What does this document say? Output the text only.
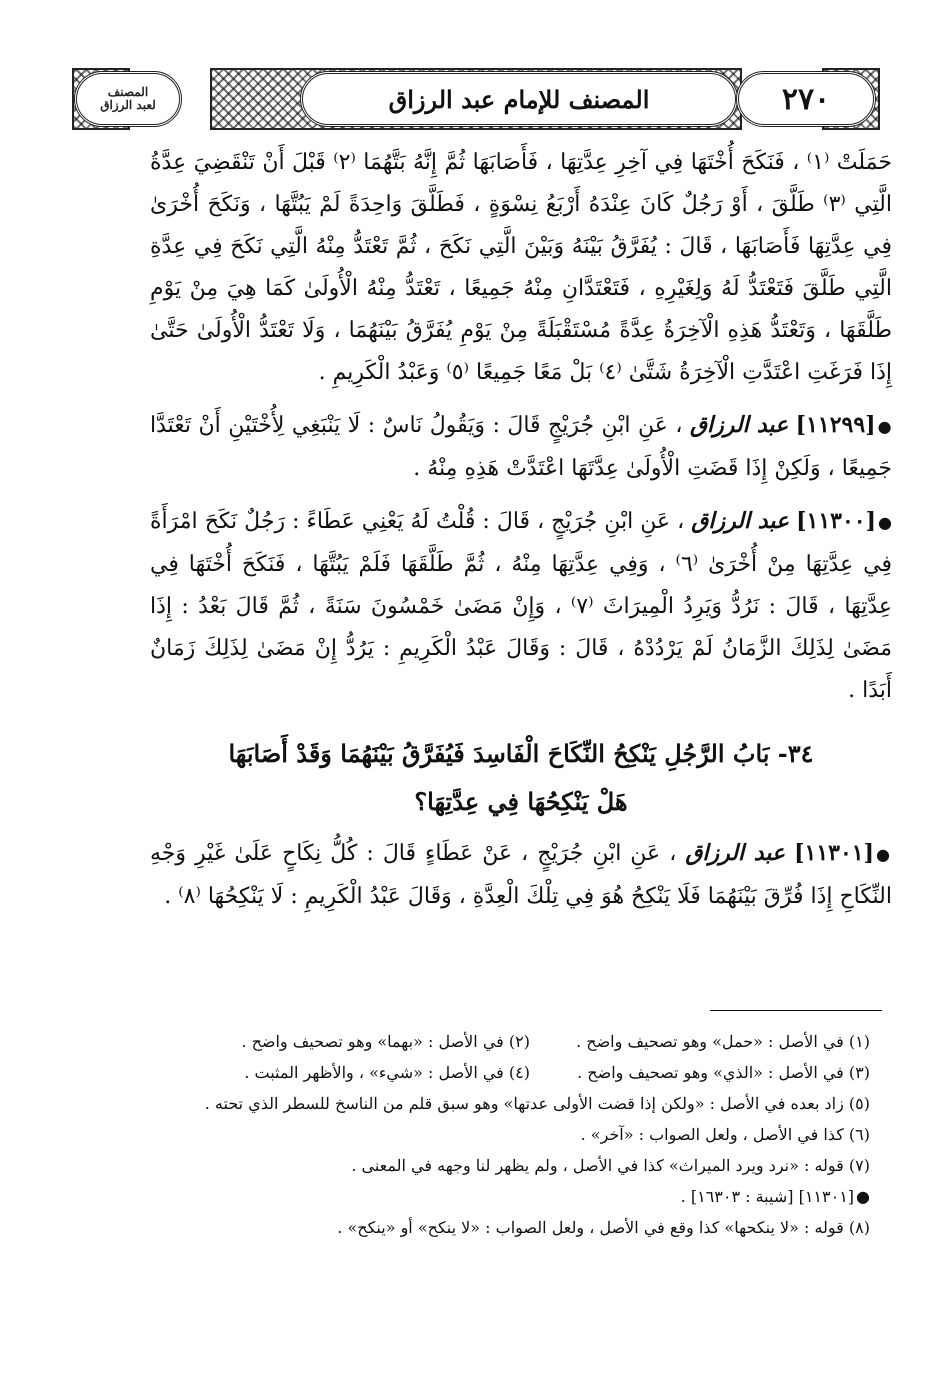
المصنف
لعبد الرزاق	المصنف للإمام عبد الرزاق	٢٧٠

حَمَلَتْ ⁽١⁾ ، فَنَكَحَ أُخْتَهَا فِي آخِرِ عِدَّتِهَا ، فَأَصَابَهَا ثُمَّ إِنَّهُ بَتَّهُمَا ⁽٢⁾ قَبْلَ أَنْ تَنْقَضِيَ عِدَّةُ الَّتِي ⁽٣⁾ طَلَّقَ ، أَوْ رَجُلٌ كَانَ عِنْدَهُ أَرْبَعُ نِسْوَةٍ ، فَطَلَّقَ وَاحِدَةً لَمْ يَبُتَّهَا ، وَنَكَحَ أُخْرَىٰ فِي عِدَّتِهَا فَأَصَابَهَا ، قَالَ : يُفَرَّقُ بَيْنَهُ وَبَيْنَ الَّتِي نَكَحَ ، ثُمَّ تَعْتَدُّ مِنْهُ الَّتِي نَكَحَ فِي عِدَّةِ الَّتِي طَلَّقَ فَتَعْتَدُّ لَهُ وَلِغَيْرِهِ ، فَتَعْتَدَّانِ مِنْهُ جَمِيعًا ، تَعْتَدُّ مِنْهُ الْأُولَىٰ كَمَا هِيَ مِنْ يَوْمِ طَلَّقَهَا ، وَتَعْتَدُّ هَذِهِ الْآخِرَةُ عِدَّةً مُسْتَقْبَلَةً مِنْ يَوْمِ يُفَرَّقُ بَيْنَهُمَا ، وَلَا تَعْتَدُّ الْأُولَىٰ حَتَّىٰ إِذَا فَرَغَتِ اعْتَدَّتِ الْآخِرَةُ شَتَّىٰ ⁽٤⁾ بَلْ مَعًا جَمِيعًا ⁽٥⁾ وَعَبْدُ الْكَرِيمِ .

●[١١٢٩٩] عبد الرزاق ، عَنِ ابْنِ جُرَيْجٍ قَالَ : وَيَقُولُ نَاسٌ : لَا يَنْبَغِي لِأُخْتَيْنِ أَنْ تَعْتَدَّا جَمِيعًا ، وَلَكِنْ إِذَا قَضَتِ الْأُولَىٰ عِدَّتَهَا اعْتَدَّتْ هَذِهِ مِنْهُ .

●[١١٣٠٠] عبد الرزاق ، عَنِ ابْنِ جُرَيْجٍ ، قَالَ : قُلْتُ لَهُ يَعْنِي عَطَاءً : رَجُلٌ نَكَحَ امْرَأَةً فِي عِدَّتِهَا مِنْ أُخْرَىٰ ⁽٦⁾ ، وَفِي عِدَّتِهَا مِنْهُ ، ثُمَّ طَلَّقَهَا فَلَمْ يَبُتَّهَا ، فَنَكَحَ أُخْتَهَا فِي عِدَّتِهَا ، قَالَ : نَرُدُّ وَيَرِدُ الْمِيرَاثَ ⁽٧⁾ ، وَإِنْ مَضَىٰ خَمْسُونَ سَنَةً ، ثُمَّ قَالَ بَعْدُ : إِذَا مَضَىٰ لِذَلِكَ الزَّمَانُ لَمْ يَرْدُدْهُ ، قَالَ : وَقَالَ عَبْدُ الْكَرِيمِ : يَرُدُّ إِنْ مَضَىٰ لِذَلِكَ زَمَانٌ أَبَدًا .

٣٤- بَابُ الرَّجُلِ يَنْكِحُ النِّكَاحَ الْفَاسِدَ فَيُفَرَّقُ بَيْنَهُمَا وَقَدْ أَصَابَهَا
هَلْ يَنْكِحُهَا فِي عِدَّتِهَا؟

●[١١٣٠١] عبد الرزاق ، عَنِ ابْنِ جُرَيْجٍ ، عَنْ عَطَاءٍ قَالَ : كُلُّ نِكَاحٍ عَلَىٰ غَيْرِ وَجْهِ النِّكَاحِ إِذَا فُرِّقَ بَيْنَهُمَا فَلَا يَنْكِحُ هُوَ فِي تِلْكَ الْعِدَّةِ ، وَقَالَ عَبْدُ الْكَرِيمِ : لَا يَنْكِحُهَا ⁽٨⁾ .

(١) في الأصل : «حمل» وهو تصحيف واضح .
(٢) في الأصل : «بهما» وهو تصحيف واضح .
(٣) في الأصل : «الذي» وهو تصحيف واضح .
(٤) في الأصل : «شيء» ، والأظهر المثبت .
(٥) زاد بعده في الأصل : «ولكن إذا قضت الأولى عدتها» وهو سبق قلم من الناسخ للسطر الذي تحته .
(٦) كذا في الأصل ، ولعل الصواب : «آخر» .
(٧) قوله : «نرد ويرد الميراث» كذا في الأصل ، ولم يظهر لنا وجهه في المعنى .
●[١١٣٠١] [شيبة : ١٦٣٠٣] .
(٨) قوله : «لا ينكحها» كذا وقع في الأصل ، ولعل الصواب : «لا ينكح» أو «ينكح» .
